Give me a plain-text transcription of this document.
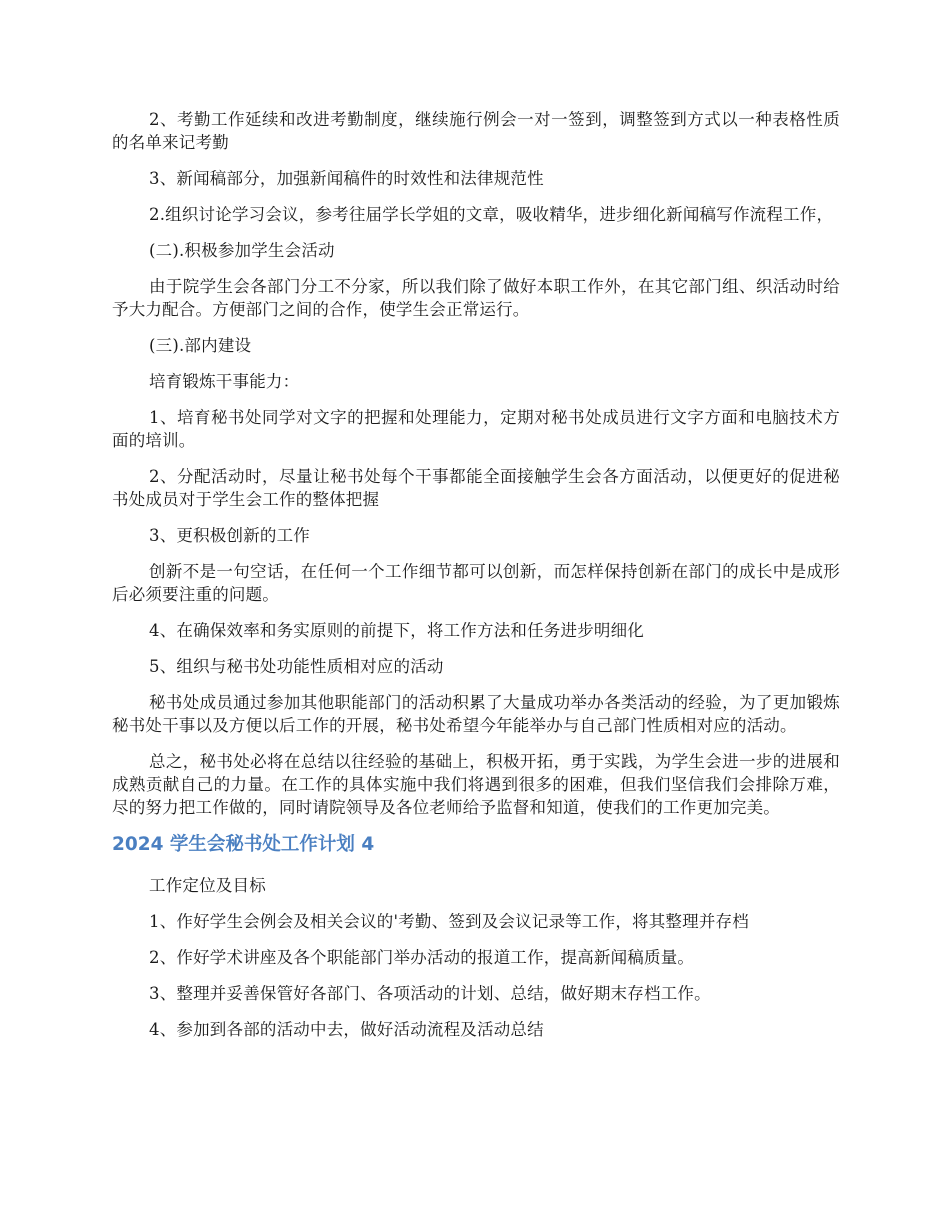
2、考勤工作延续和改进考勤制度，继续施行例会一对一签到，调整签到方式以一种表格性质的名单来记考勤

3、新闻稿部分，加强新闻稿件的时效性和法律规范性

2.组织讨论学习会议，参考往届学长学姐的文章，吸收精华，进步细化新闻稿写作流程工作，

(二).积极参加学生会活动

由于院学生会各部门分工不分家，所以我们除了做好本职工作外，在其它部门组、织活动时给予大力配合。方便部门之间的合作，使学生会正常运行。

(三).部内建设

培育锻炼干事能力：

1、培育秘书处同学对文字的把握和处理能力，定期对秘书处成员进行文字方面和电脑技术方面的培训。

2、分配活动时，尽量让秘书处每个干事都能全面接触学生会各方面活动，以便更好的促进秘书处成员对于学生会工作的整体把握

3、更积极创新的工作

创新不是一句空话，在任何一个工作细节都可以创新，而怎样保持创新在部门的成长中是成形后必须要注重的问题。

4、在确保效率和务实原则的前提下，将工作方法和任务进步明细化

5、组织与秘书处功能性质相对应的活动

秘书处成员通过参加其他职能部门的活动积累了大量成功举办各类活动的经验，为了更加锻炼秘书处干事以及方便以后工作的开展，秘书处希望今年能举办与自己部门性质相对应的活动。

总之，秘书处必将在总结以往经验的基础上，积极开拓，勇于实践，为学生会进一步的进展和成熟贡献自己的力量。在工作的具体实施中我们将遇到很多的困难，但我们坚信我们会排除万难，尽的努力把工作做的，同时请院领导及各位老师给予监督和知道，使我们的工作更加完美。

2024 学生会秘书处工作计划 4

工作定位及目标

1、作好学生会例会及相关会议的'考勤、签到及会议记录等工作，将其整理并存档

2、作好学术讲座及各个职能部门举办活动的报道工作，提高新闻稿质量。

3、整理并妥善保管好各部门、各项活动的计划、总结，做好期末存档工作。

4、参加到各部的活动中去，做好活动流程及活动总结
